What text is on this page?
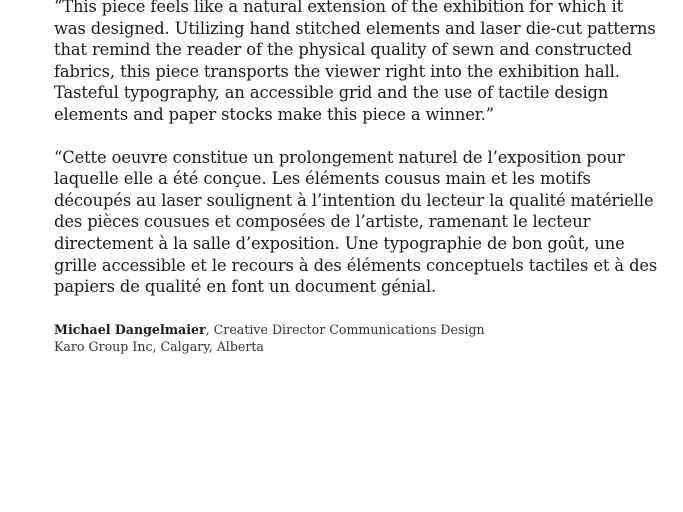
“This piece feels like a natural extension of the exhibition for which it
was designed. Utilizing hand stitched elements and laser die-cut patterns
that remind the reader of the physical quality of sewn and constructed
fabrics, this piece transports the viewer right into the exhibition hall.
Tasteful typography, an accessible grid and the use of tactile design
elements and paper stocks make this piece a winner.”

“Cette oeuvre constitue un prolongement naturel de l’exposition pour
laquelle elle a été conçue. Les éléments cousus main et les motifs
découpés au laser soulignent à l’intention du lecteur la qualité matérielle
des pièces cousues et composées de l’artiste, ramenant le lecteur
directement à la salle d’exposition. Une typographie de bon goût, une
grille accessible et le recours à des éléments conceptuels tactiles et à des
papiers de qualité en font un document génial.

Michael Dangelmaier, Creative Director Communications Design
Karo Group Inc, Calgary, Alberta
